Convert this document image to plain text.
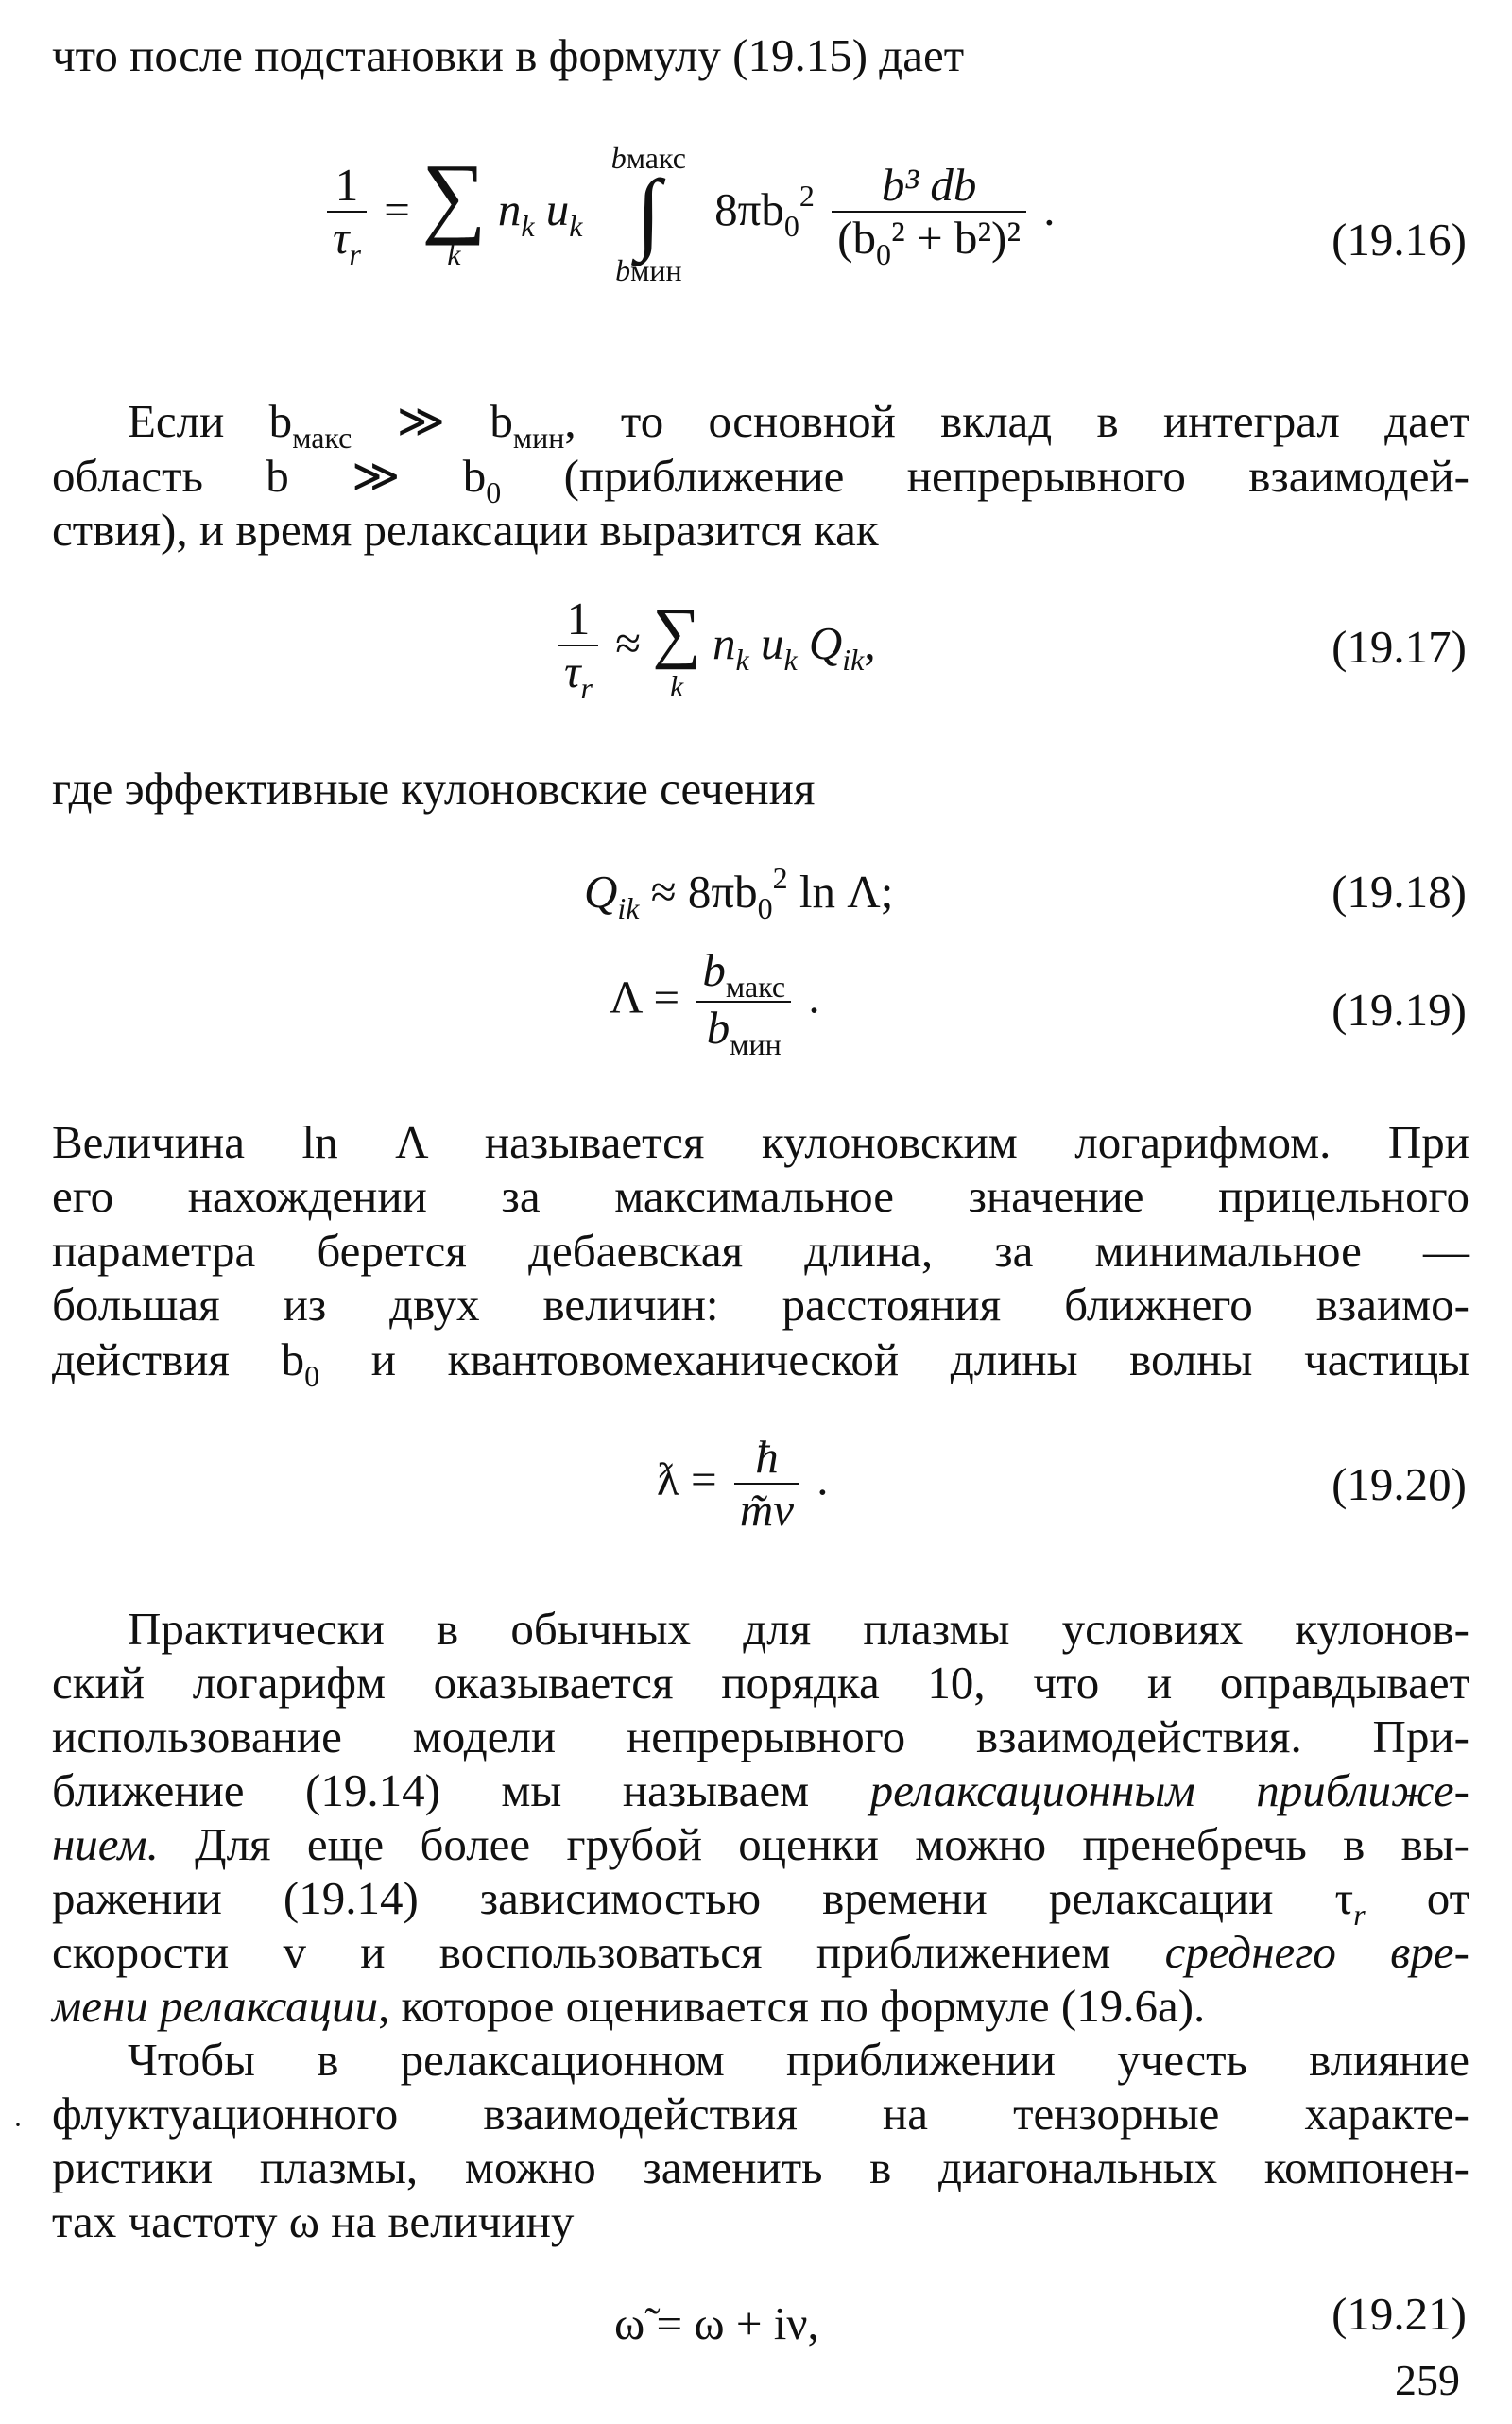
что после подстановки в формулу (19.15) дает
$\frac{1}{\tau_r}$ = ∑
k
$n_k$ $u_k$
bмакс
∫
bмин
$8\pi b_0^2 \frac{\text{b³ db}}{(b_0^2 + b^2)^2}$ .
(19.16)
Если $b_{макс}$ ≫ $b_{мин}$, то основной вклад в интеграл дает
область b ≫ $b_0$ (приближение непрерывного взаимодей-
ствия), и время релаксации выразится как
$\frac{1}{\tau_r}$ ≈ ∑
k
$n_k$ $u_k$ $Q_{ik}$,	(19.17)
где эффективные кулоновские сечения
$Q_{ik} \approx 8\pi b_0^2$ ln Λ;	(19.18)
$\Lambda = \frac{b_{макс}}{b_{мин}}$ .	(19.19)
Величина ln Λ называется кулоновским логарифмом. При
его нахождении за максимальное значение прицельного
параметра берется дебаевская длина, за минимальное —
большая из двух величин: расстояния ближнего взаимо-
действия $b_0$ и квантовомеханической длины волны частицы
ƛ = $\frac{ħ}{m̃v}$ .	(19.20)
Практически в обычных для плазмы условиях кулонов-
ский логарифм оказывается порядка 10, что и оправдывает
использование модели непрерывного взаимодействия. При-
ближение (19.14) мы называем релаксационным приближе-
нием. Для еще более грубой оценки можно пренебречь в вы-
ражении (19.14) зависимостью времени релаксации $\tau_r$ от
скорости v и воспользоваться приближением среднего вре-
мени релаксации, которое оценивается по формуле (19.6а).
Чтобы в релаксационном приближении учесть влияние
флуктуационного взаимодействия на тензорные характе-
ристики плазмы, можно заменить в диагональных компонен-
тах частоту ω на величину
ω̃ = ω + iν,	(19.21)
·
259
